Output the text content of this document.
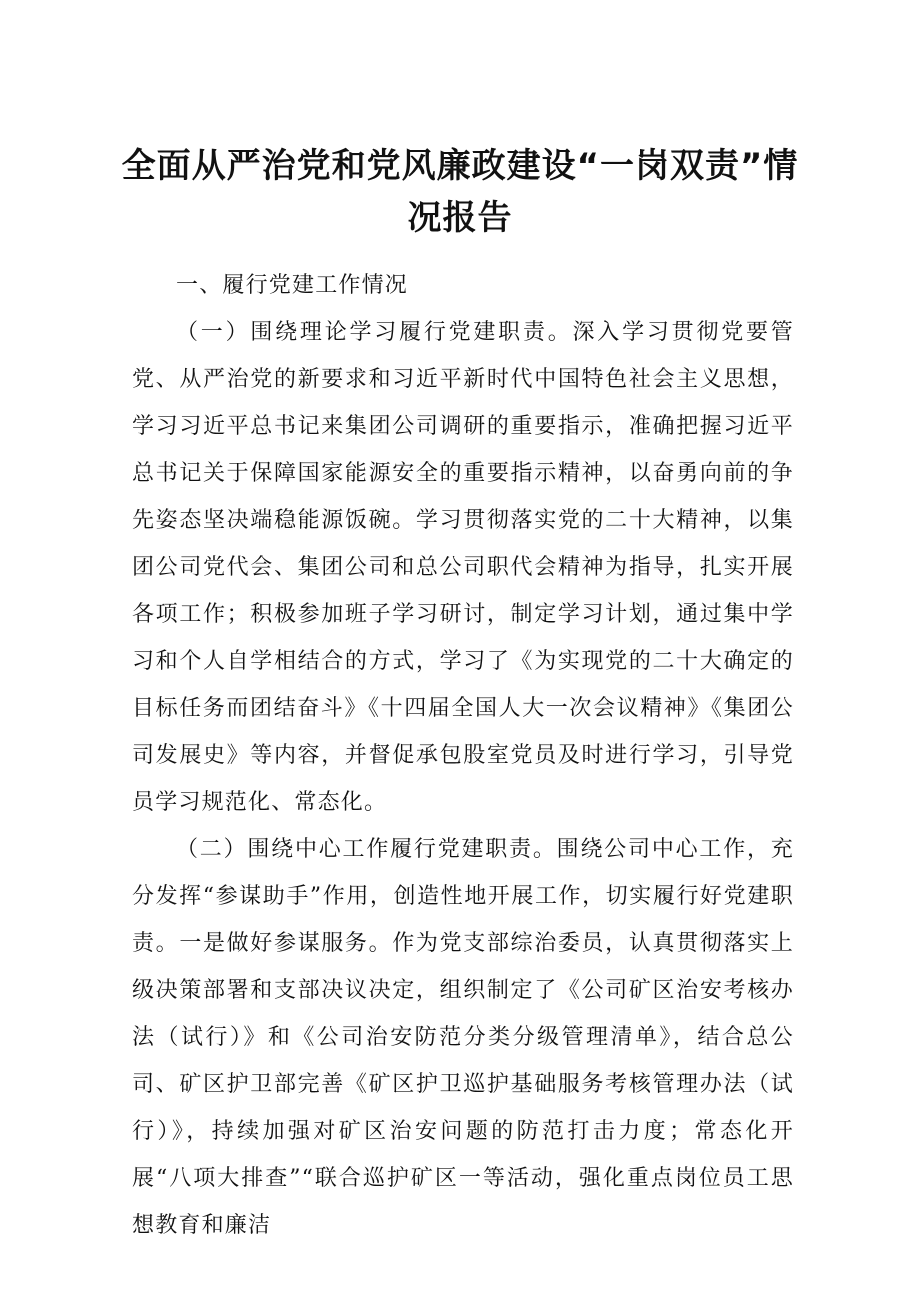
全面从严治党和党风廉政建设“一岗双责”情况报告

一、履行党建工作情况

（一）围绕理论学习履行党建职责。深入学习贯彻党要管党、从严治党的新要求和习近平新时代中国特色社会主义思想，学习习近平总书记来集团公司调研的重要指示，准确把握习近平总书记关于保障国家能源安全的重要指示精神，以奋勇向前的争先姿态坚决端稳能源饭碗。学习贯彻落实党的二十大精神，以集团公司党代会、集团公司和总公司职代会精神为指导，扎实开展各项工作；积极参加班子学习研讨，制定学习计划，通过集中学习和个人自学相结合的方式，学习了《为实现党的二十大确定的目标任务而团结奋斗》《十四届全国人大一次会议精神》《集团公司发展史》等内容，并督促承包股室党员及时进行学习，引导党员学习规范化、常态化。

（二）围绕中心工作履行党建职责。围绕公司中心工作，充分发挥“参谋助手”作用，创造性地开展工作，切实履行好党建职责。一是做好参谋服务。作为党支部综治委员，认真贯彻落实上级决策部署和支部决议决定，组织制定了《公司矿区治安考核办法（试行）》和《公司治安防范分类分级管理清单》，结合总公司、矿区护卫部完善《矿区护卫巡护基础服务考核管理办法（试行）》，持续加强对矿区治安问题的防范打击力度；常态化开展“八项大排查”“联合巡护矿区一等活动，强化重点岗位员工思想教育和廉洁
